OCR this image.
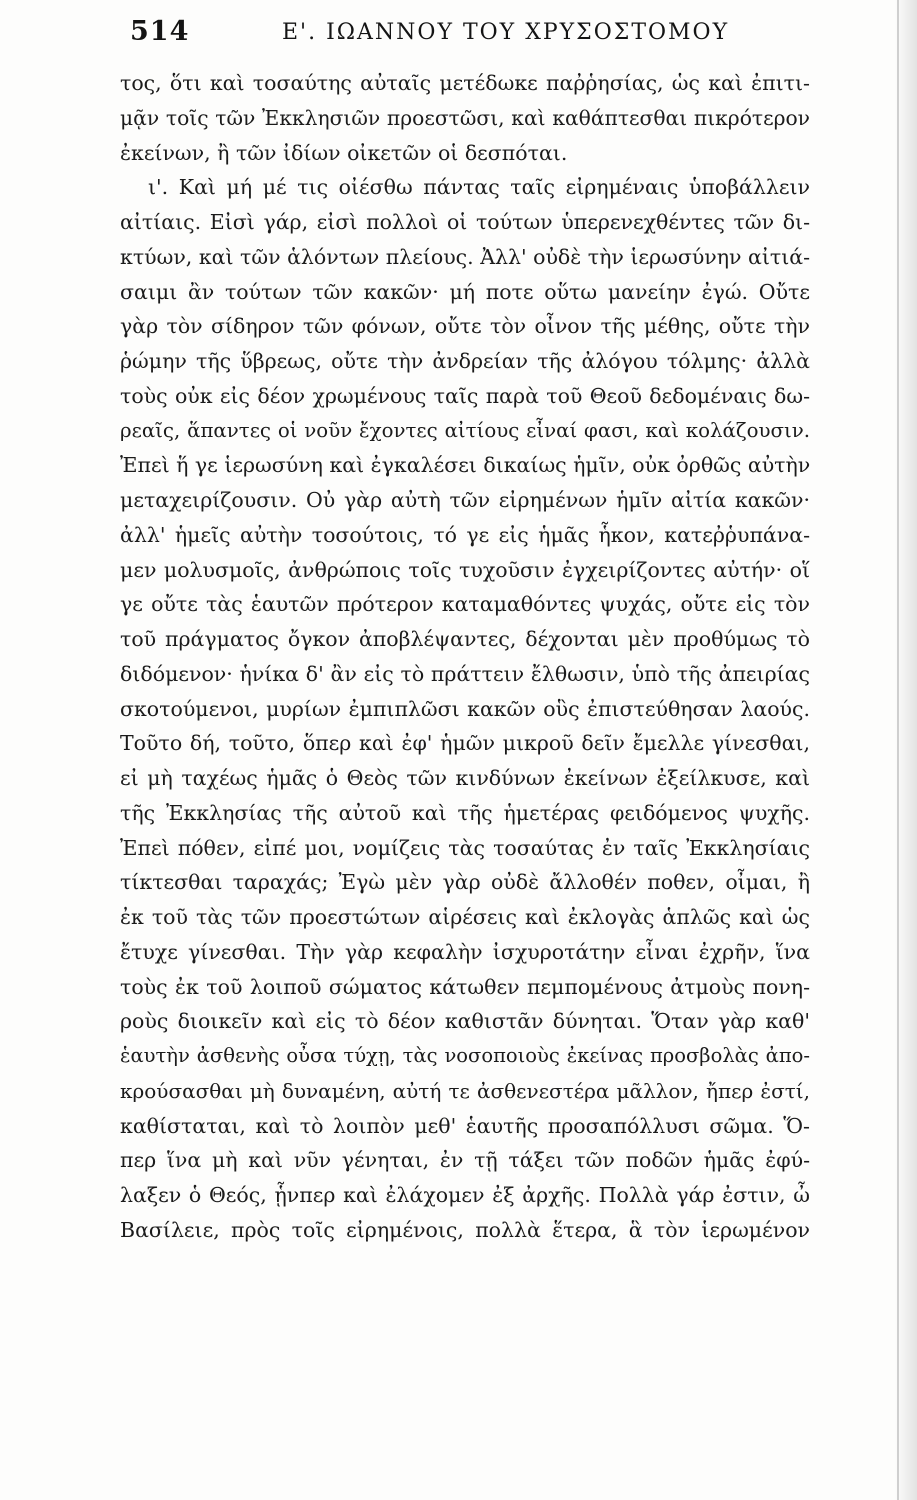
514	Ε'. ΙΩΑΝΝΟΥ ΤΟΥ ΧΡΥΣΟΣΤΟΜΟΥ
τος, ὅτι καὶ τοσαύτης αὐταῖς μετέδωκε παῤῥησίας, ὡς καὶ ἐπιτι-
μᾷν τοῖς τῶν Ἐκκλησιῶν προεστῶσι, καὶ καθάπτεσθαι πικρότερον
ἐκείνων, ἢ τῶν ἰδίων οἰκετῶν οἱ δεσπόται.
ι'. Καὶ μή μέ τις οἰέσθω πάντας ταῖς εἰρημέναις ὑποβάλλειν
αἰτίαις. Εἰσὶ γάρ, εἰσὶ πολλοὶ οἱ τούτων ὑπερενεχθέντες τῶν δι-
κτύων, καὶ τῶν ἁλόντων πλείους. Ἀλλ' οὐδὲ τὴν ἱερωσύνην αἰτιά-
σαιμι ἂν τούτων τῶν κακῶν· μή ποτε οὕτω μανείην ἐγώ. Οὔτε
γὰρ τὸν σίδηρον τῶν φόνων, οὔτε τὸν οἶνον τῆς μέθης, οὔτε τὴν
ῥώμην τῆς ὕβρεως, οὔτε τὴν ἀνδρείαν τῆς ἀλόγου τόλμης· ἀλλὰ
τοὺς οὐκ εἰς δέον χρωμένους ταῖς παρὰ τοῦ Θεοῦ δεδομέναις δω-
ρεαῖς, ἅπαντες οἱ νοῦν ἔχοντες αἰτίους εἶναί φασι, καὶ κολάζουσιν.
Ἐπεὶ ἥ γε ἱερωσύνη καὶ ἐγκαλέσει δικαίως ἡμῖν, οὐκ ὀρθῶς αὐτὴν
μεταχειρίζουσιν. Οὐ γὰρ αὐτὴ τῶν εἰρημένων ἡμῖν αἰτία κακῶν·
ἀλλ' ἡμεῖς αὐτὴν τοσούτοις, τό γε εἰς ἡμᾶς ἧκον, κατεῤῥυπάνα-
μεν μολυσμοῖς, ἀνθρώποις τοῖς τυχοῦσιν ἐγχειρίζοντες αὐτήν· οἵ
γε οὔτε τὰς ἑαυτῶν πρότερον καταμαθόντες ψυχάς, οὔτε εἰς τὸν
τοῦ πράγματος ὄγκον ἀποβλέψαντες, δέχονται μὲν προθύμως τὸ
διδόμενον· ἡνίκα δ' ἂν εἰς τὸ πράττειν ἔλθωσιν, ὑπὸ τῆς ἀπειρίας
σκοτούμενοι, μυρίων ἐμπιπλῶσι κακῶν οὓς ἐπιστεύθησαν λαούς.
Τοῦτο δή, τοῦτο, ὅπερ καὶ ἐφ' ἡμῶν μικροῦ δεῖν ἔμελλε γίνεσθαι,
εἰ μὴ ταχέως ἡμᾶς ὁ Θεὸς τῶν κινδύνων ἐκείνων ἐξείλκυσε, καὶ
τῆς Ἐκκλησίας τῆς αὐτοῦ καὶ τῆς ἡμετέρας φειδόμενος ψυχῆς.
Ἐπεὶ πόθεν, εἰπέ μοι, νομίζεις τὰς τοσαύτας ἐν ταῖς Ἐκκλησίαις
τίκτεσθαι ταραχάς; Ἐγὼ μὲν γὰρ οὐδὲ ἄλλοθέν ποθεν, οἶμαι, ἢ
ἐκ τοῦ τὰς τῶν προεστώτων αἱρέσεις καὶ ἐκλογὰς ἁπλῶς καὶ ὡς
ἔτυχε γίνεσθαι. Τὴν γὰρ κεφαλὴν ἰσχυροτάτην εἶναι ἐχρῆν, ἵνα
τοὺς ἐκ τοῦ λοιποῦ σώματος κάτωθεν πεμπομένους ἀτμοὺς πονη-
ροὺς διοικεῖν καὶ εἰς τὸ δέον καθιστᾶν δύνηται. Ὅταν γὰρ καθ'
ἑαυτὴν ἀσθενὴς οὖσα τύχῃ, τὰς νοσοποιοὺς ἐκείνας προσβολὰς ἀπο-
κρούσασθαι μὴ δυναμένη, αὐτή τε ἀσθενεστέρα μᾶλλον, ἤπερ ἐστί,
καθίσταται, καὶ τὸ λοιπὸν μεθ' ἑαυτῆς προσαπόλλυσι σῶμα. Ὅ-
περ ἵνα μὴ καὶ νῦν γένηται, ἐν τῇ τάξει τῶν ποδῶν ἡμᾶς ἐφύ-
λαξεν ὁ Θεός, ᾗνπερ καὶ ἐλάχομεν ἐξ ἀρχῆς. Πολλὰ γάρ ἐστιν, ὦ
Βασίλειε, πρὸς τοῖς εἰρημένοις, πολλὰ ἕτερα, ἃ τὸν ἱερωμένον
